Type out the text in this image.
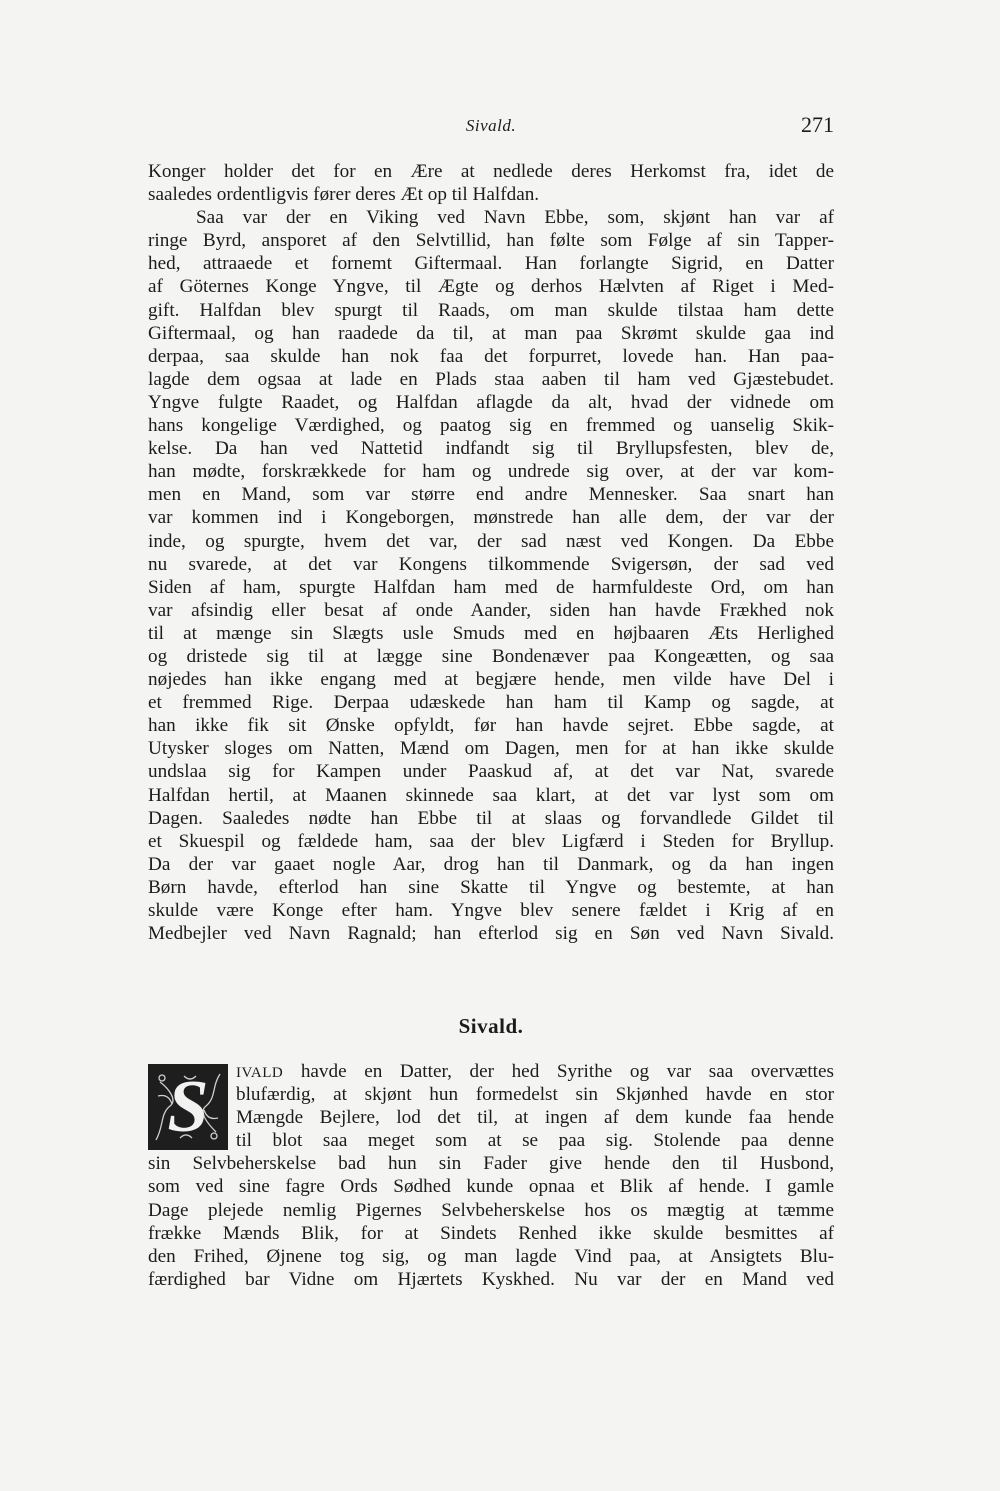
Sivald.	271
Konger holder det for en Ære at nedlede deres Herkomst fra, idet de
saaledes ordentligvis fører deres Æt op til Halfdan.
Saa var der en Viking ved Navn Ebbe, som, skjønt han var af
ringe Byrd, ansporet af den Selvtillid, han følte som Følge af sin Tapper-
hed, attraaede et fornemt Giftermaal. Han forlangte Sigrid, en Datter
af Göternes Konge Yngve, til Ægte og derhos Hælvten af Riget i Med-
gift. Halfdan blev spurgt til Raads, om man skulde tilstaa ham dette
Giftermaal, og han raadede da til, at man paa Skrømt skulde gaa ind
derpaa, saa skulde han nok faa det forpurret, lovede han. Han paa-
lagde dem ogsaa at lade en Plads staa aaben til ham ved Gjæstebudet.
Yngve fulgte Raadet, og Halfdan aflagde da alt, hvad der vidnede om
hans kongelige Værdighed, og paatog sig en fremmed og uanselig Skik-
kelse. Da han ved Nattetid indfandt sig til Bryllupsfesten, blev de,
han mødte, forskrækkede for ham og undrede sig over, at der var kom-
men en Mand, som var større end andre Mennesker. Saa snart han
var kommen ind i Kongeborgen, mønstrede han alle dem, der var der
inde, og spurgte, hvem det var, der sad næst ved Kongen. Da Ebbe
nu svarede, at det var Kongens tilkommende Svigersøn, der sad ved
Siden af ham, spurgte Halfdan ham med de harmfuldeste Ord, om han
var afsindig eller besat af onde Aander, siden han havde Frækhed nok
til at mænge sin Slægts usle Smuds med en højbaaren Æts Herlighed
og dristede sig til at lægge sine Bondenæver paa Kongeætten, og saa
nøjedes han ikke engang med at begjære hende, men vilde have Del i
et fremmed Rige. Derpaa udæskede han ham til Kamp og sagde, at
han ikke fik sit Ønske opfyldt, før han havde sejret. Ebbe sagde, at
Utysker sloges om Natten, Mænd om Dagen, men for at han ikke skulde
undslaa sig for Kampen under Paaskud af, at det var Nat, svarede
Halfdan hertil, at Maanen skinnede saa klart, at det var lyst som om
Dagen. Saaledes nødte han Ebbe til at slaas og forvandlede Gildet til
et Skuespil og fældede ham, saa der blev Ligfærd i Steden for Bryllup.
Da der var gaaet nogle Aar, drog han til Danmark, og da han ingen
Børn havde, efterlod han sine Skatte til Yngve og bestemte, at han
skulde være Konge efter ham. Yngve blev senere fældet i Krig af en
Medbejler ved Navn Ragnald; han efterlod sig en Søn ved Navn Sivald.
Sivald.
S	IVALD havde en Datter, der hed Syrithe og var saa overvættes
blufærdig, at skjønt hun formedelst sin Skjønhed havde en stor
Mængde Bejlere, lod det til, at ingen af dem kunde faa hende
til blot saa meget som at se paa sig. Stolende paa denne
sin Selvbeherskelse bad hun sin Fader give hende den til Husbond,
som ved sine fagre Ords Sødhed kunde opnaa et Blik af hende. I gamle
Dage plejede nemlig Pigernes Selvbeherskelse hos os mægtig at tæmme
frække Mænds Blik, for at Sindets Renhed ikke skulde besmittes af
den Frihed, Øjnene tog sig, og man lagde Vind paa, at Ansigtets Blu-
færdighed bar Vidne om Hjærtets Kyskhed. Nu var der en Mand ved
